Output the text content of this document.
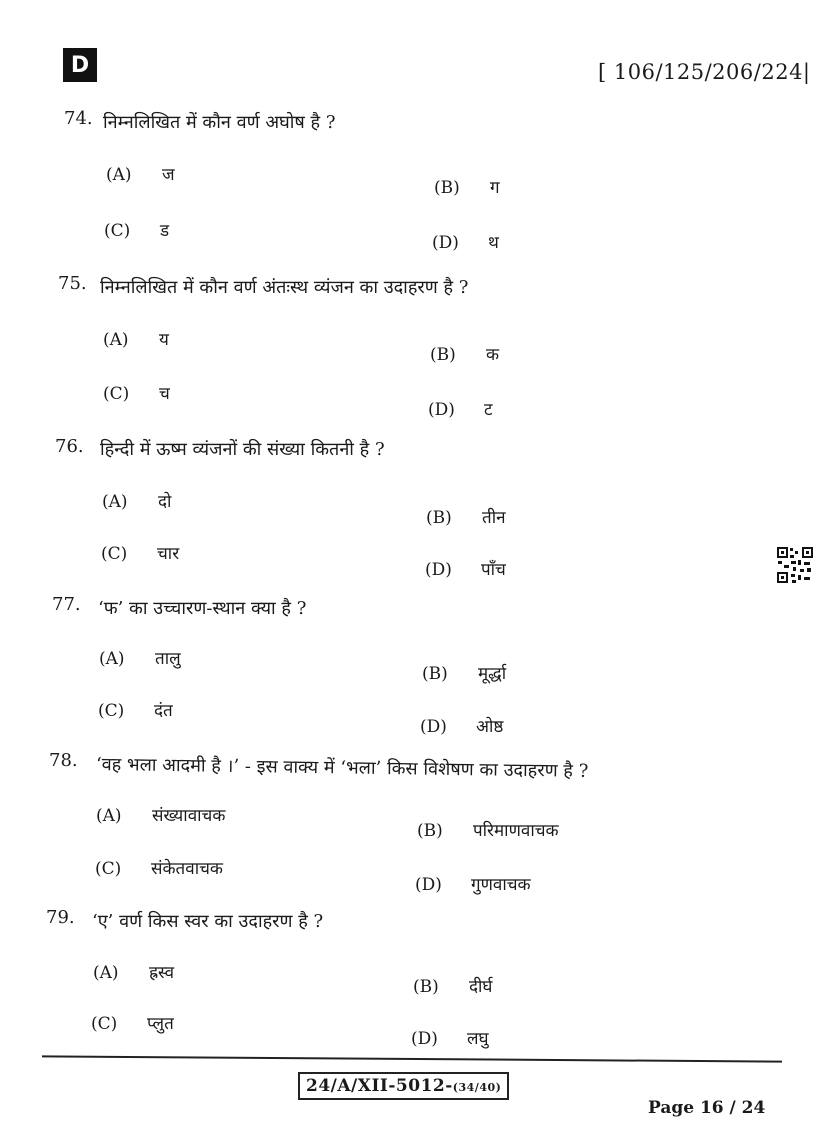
D	[ 106/125/206/224|
74. निम्नलिखित में कौन वर्ण अघोष है ?
(A) ज
(B) ग
(C) ड
(D) थ
75. निम्नलिखित में कौन वर्ण अंतःस्थ व्यंजन का उदाहरण है ?
(A) य
(B) क
(C) च
(D) ट
76. हिन्दी में ऊष्म व्यंजनों की संख्या कितनी है ?
(A) दो
(B) तीन
(C) चार
(D) पाँच
77. ‘फ’ का उच्चारण-स्थान क्या है ?
(A) तालु
(B) मूर्द्धा
(C) दंत
(D) ओष्ठ
78. ‘वह भला आदमी है ।’ - इस वाक्य में ‘भला’ किस विशेषण का उदाहरण है ?
(A) संख्यावाचक
(B) परिमाणवाचक
(C) संकेतवाचक
(D) गुणवाचक
79. ‘ए’ वर्ण किस स्वर का उदाहरण है ?
(A) ह्रस्व
(B) दीर्घ
(C) प्लुत
(D) लघु
24/A/XII-5012-(34/40)
Page 16 / 24
